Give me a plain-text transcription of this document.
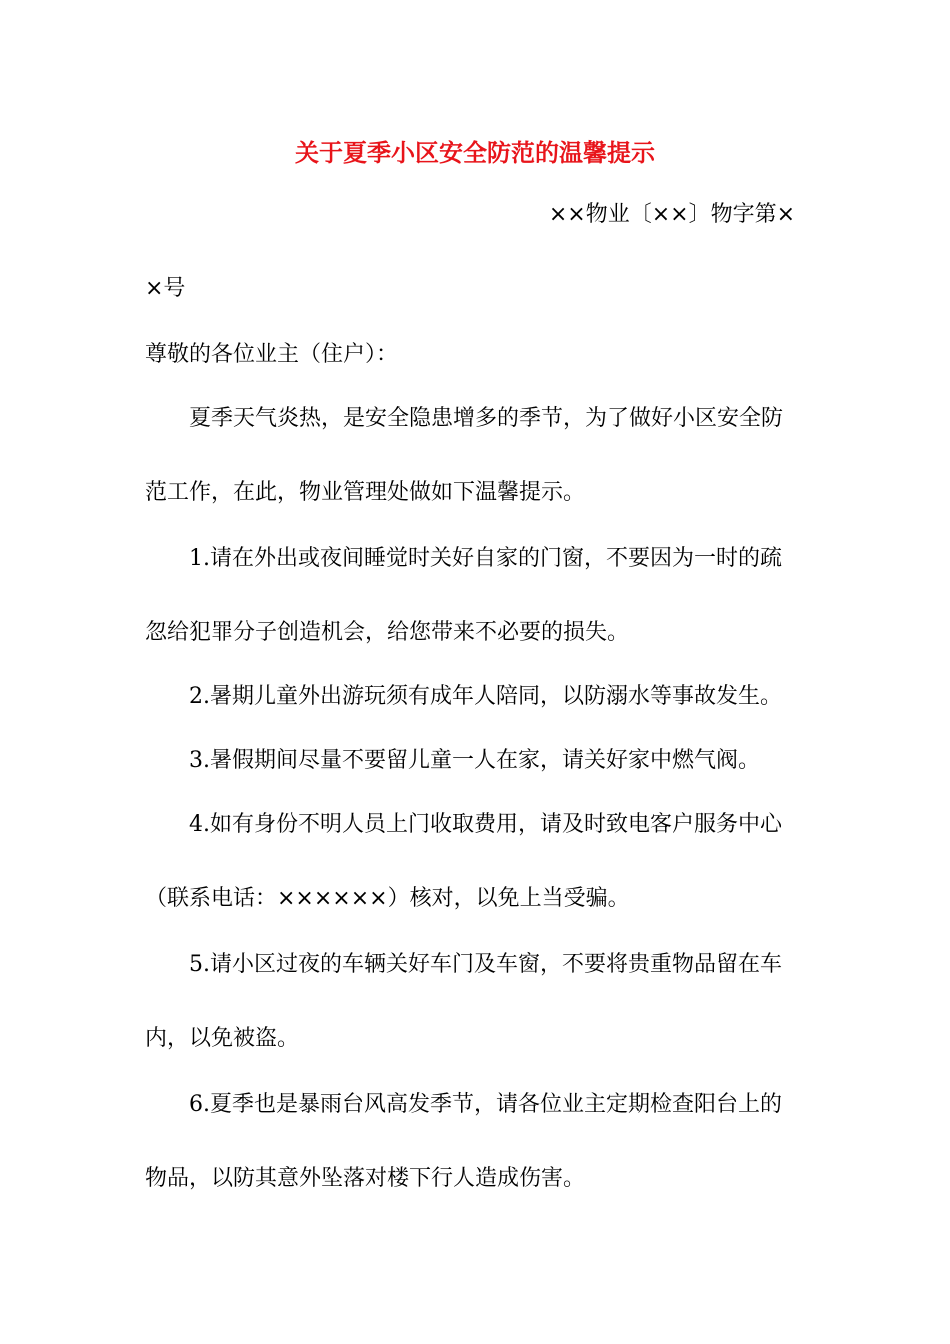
关于夏季小区安全防范的温馨提示
××物业〔××〕物字第×
×号
尊敬的各位业主（住户）：
夏季天气炎热，是安全隐患增多的季节，为了做好小区安全防
范工作，在此，物业管理处做如下温馨提示。
1.请在外出或夜间睡觉时关好自家的门窗，不要因为一时的疏
忽给犯罪分子创造机会，给您带来不必要的损失。
2.暑期儿童外出游玩须有成年人陪同，以防溺水等事故发生。
3.暑假期间尽量不要留儿童一人在家，请关好家中燃气阀。
4.如有身份不明人员上门收取费用，请及时致电客户服务中心
（联系电话：××××××）核对，以免上当受骗。
5.请小区过夜的车辆关好车门及车窗，不要将贵重物品留在车
内，以免被盗。
6.夏季也是暴雨台风高发季节，请各位业主定期检查阳台上的
物品，以防其意外坠落对楼下行人造成伤害。
